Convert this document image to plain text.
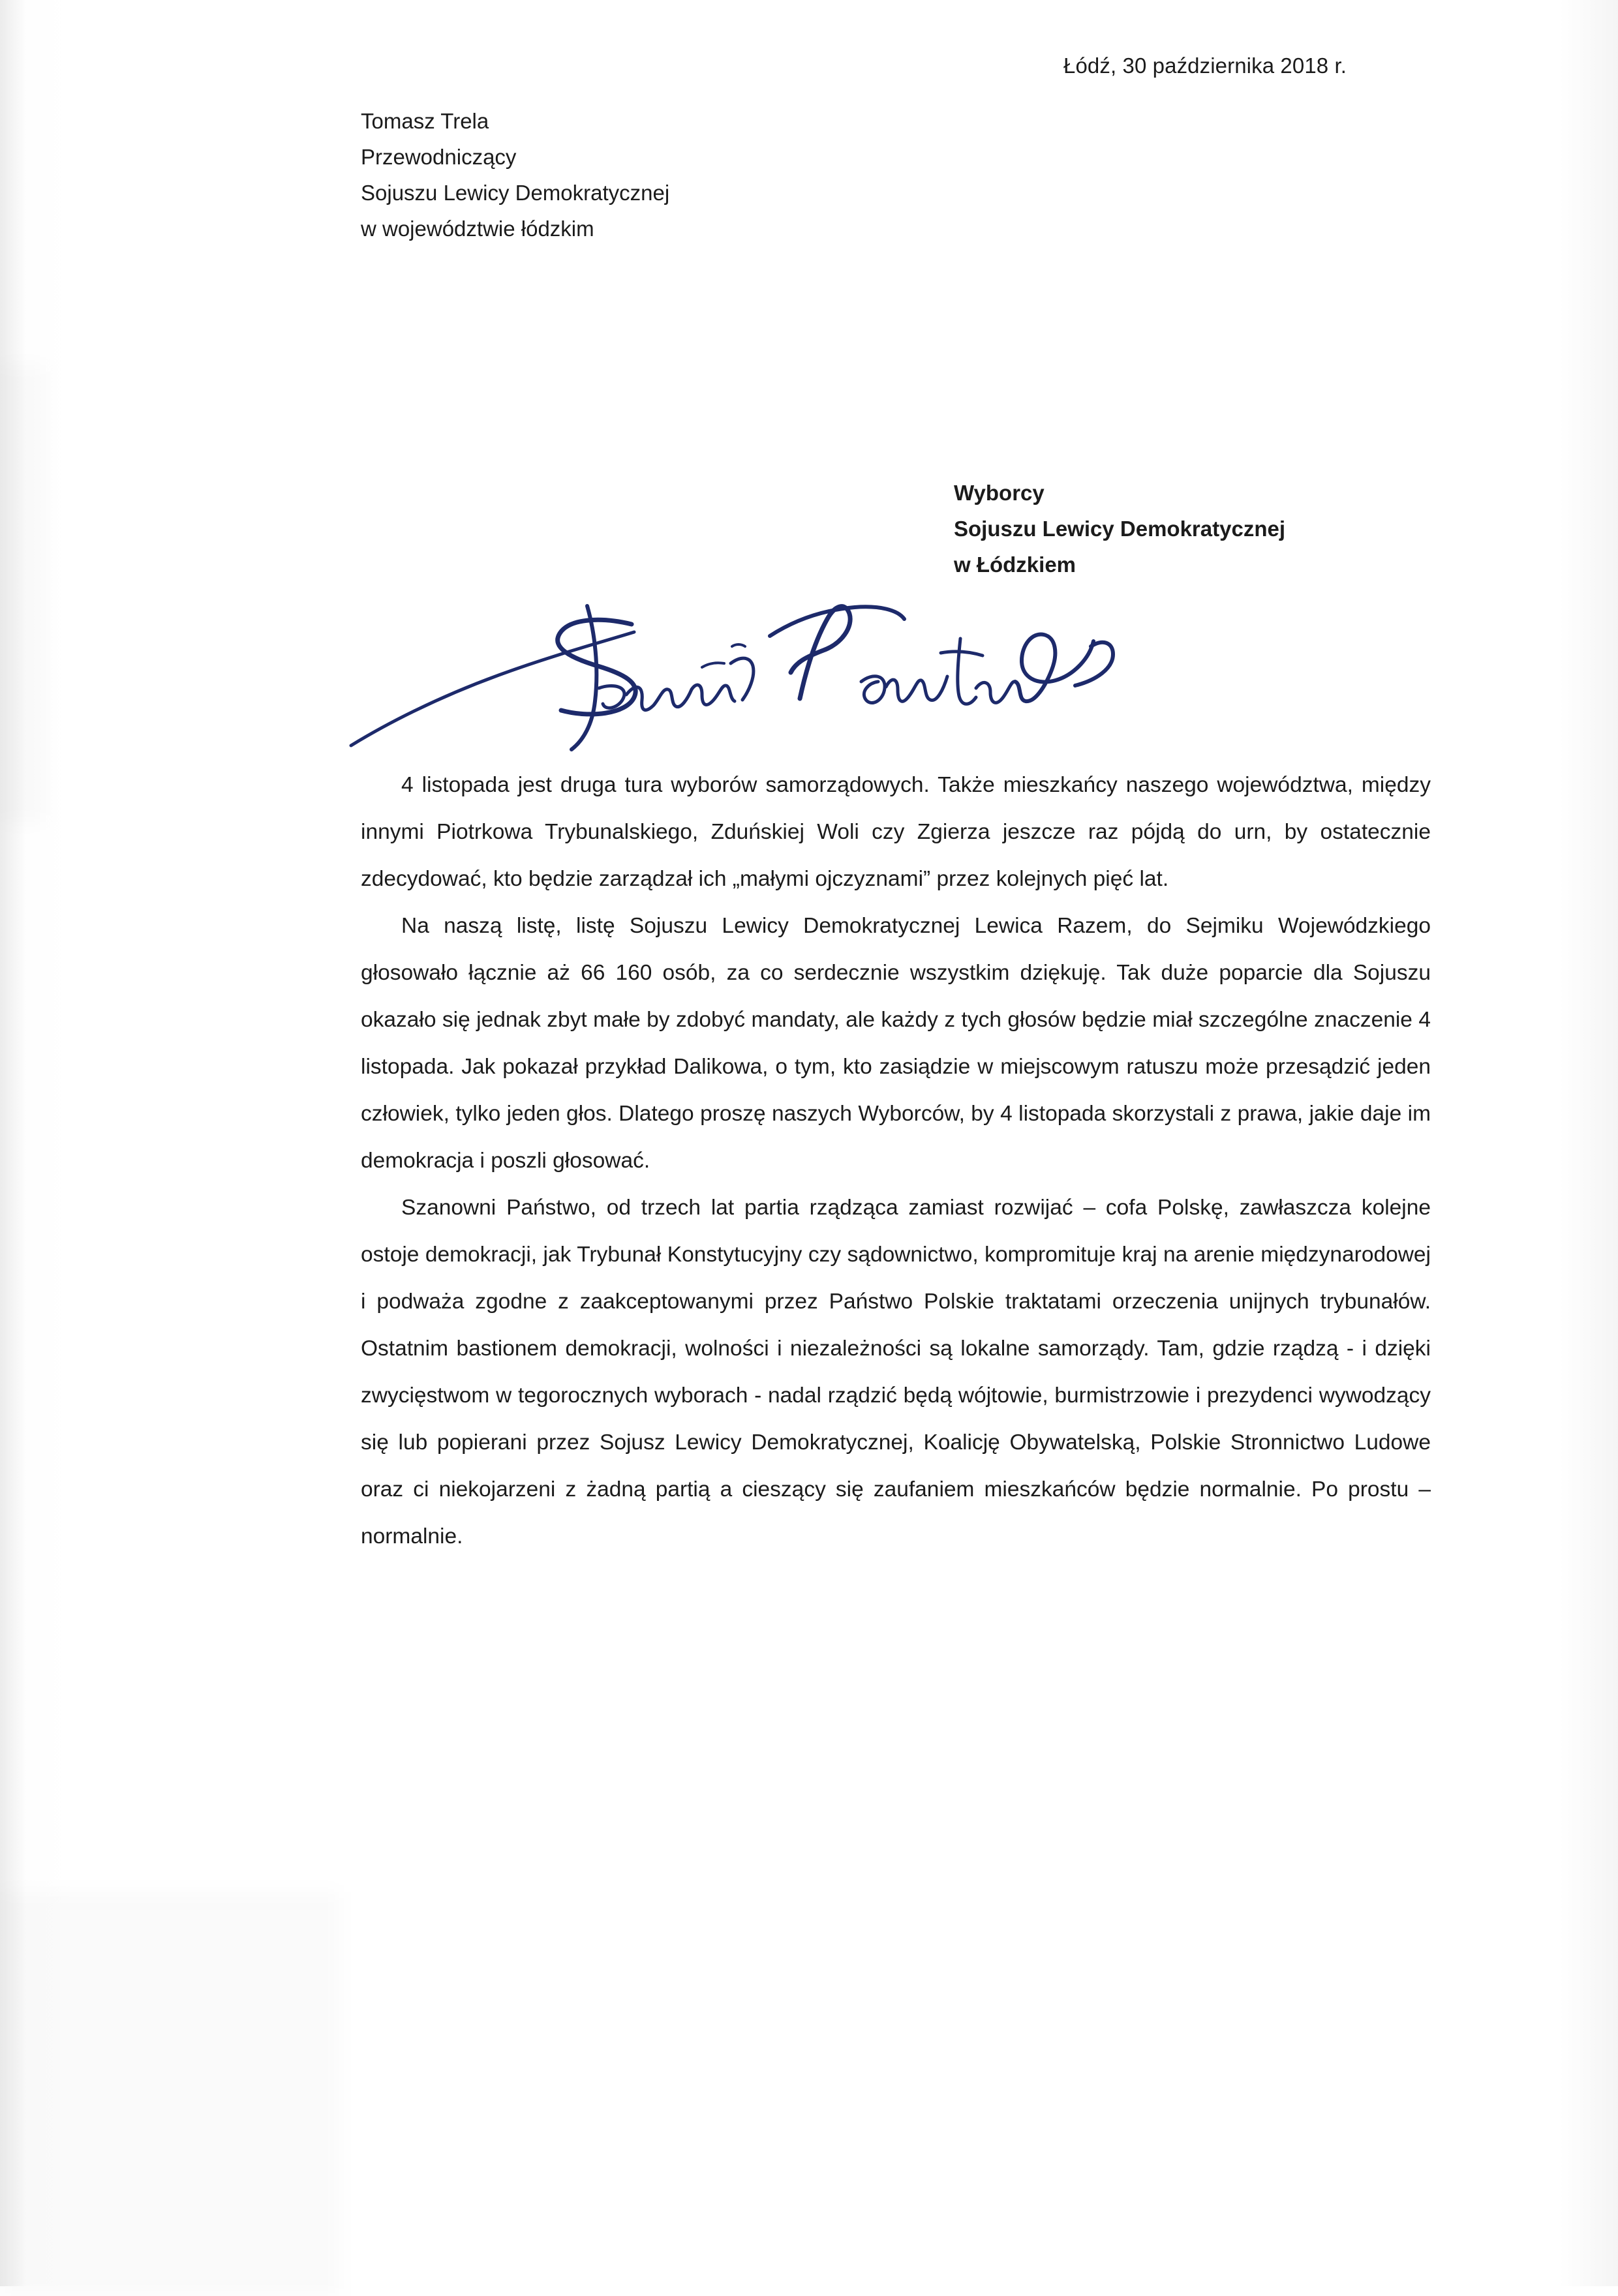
Łódź, 30 października 2018 r.
Tomasz Trela
Przewodniczący
Sojuszu Lewicy Demokratycznej
w województwie łódzkim
Wyborcy
Sojuszu Lewicy Demokratycznej
w Łódzkiem

4 listopada jest druga tura wyborów samorządowych. Także mieszkańcy naszego województwa, między innymi Piotrkowa Trybunalskiego, Zduńskiej Woli czy Zgierza jeszcze raz pójdą do urn, by ostatecznie zdecydować, kto będzie zarządzał ich „małymi ojczyznami” przez kolejnych pięć lat.

Na naszą listę, listę Sojuszu Lewicy Demokratycznej Lewica Razem, do Sejmiku Wojewódzkiego głosowało łącznie aż 66 160 osób, za co serdecznie wszystkim dziękuję. Tak duże poparcie dla Sojuszu okazało się jednak zbyt małe by zdobyć mandaty, ale każdy z tych głosów będzie miał szczególne znaczenie 4 listopada. Jak pokazał przykład Dalikowa, o tym, kto zasiądzie w miejscowym ratuszu może przesądzić jeden człowiek, tylko jeden głos. Dlatego proszę naszych Wyborców, by 4 listopada skorzystali z prawa, jakie daje im demokracja i poszli głosować.

Szanowni Państwo, od trzech lat partia rządząca zamiast rozwijać – cofa Polskę, zawłaszcza kolejne ostoje demokracji, jak Trybunał Konstytucyjny czy sądownictwo, kompromituje kraj na arenie międzynarodowej i podważa zgodne z zaakceptowanymi przez Państwo Polskie traktatami orzeczenia unijnych trybunałów. Ostatnim bastionem demokracji, wolności i niezależności są lokalne samorządy. Tam, gdzie rządzą - i dzięki zwycięstwom w tegorocznych wyborach - nadal rządzić będą wójtowie, burmistrzowie i prezydenci wywodzący się lub popierani przez Sojusz Lewicy Demokratycznej, Koalicję Obywatelską, Polskie Stronnictwo Ludowe oraz ci niekojarzeni z żadną partią a cieszący się zaufaniem mieszkańców będzie normalnie. Po prostu – normalnie.
